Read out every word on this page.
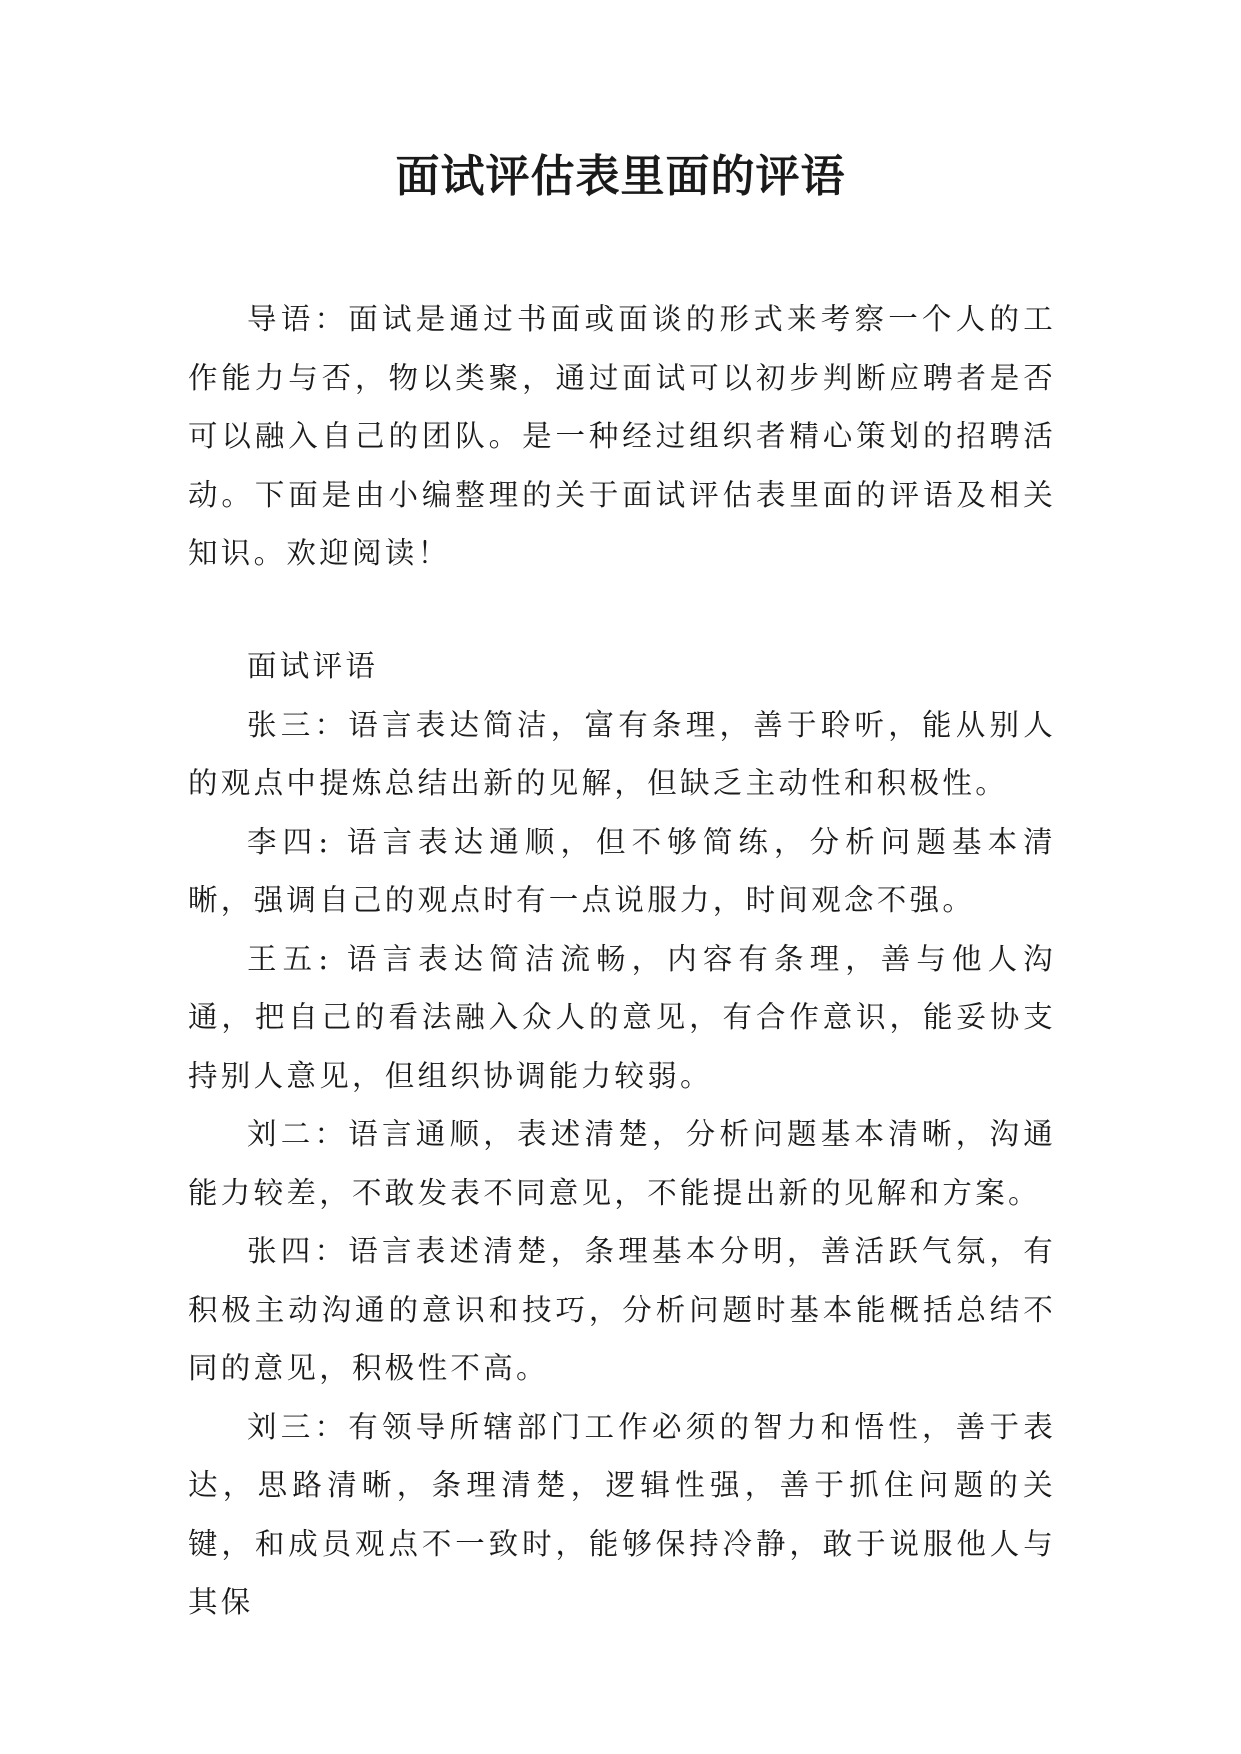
面试评估表里面的评语

导语：面试是通过书面或面谈的形式来考察一个人的工作能力与否，物以类聚，通过面试可以初步判断应聘者是否可以融入自己的团队。是一种经过组织者精心策划的招聘活动。下面是由小编整理的关于面试评估表里面的评语及相关知识。欢迎阅读！

面试评语

张三：语言表达简洁，富有条理，善于聆听，能从别人的观点中提炼总结出新的见解，但缺乏主动性和积极性。

李四: 语言表达通顺，但不够简练，分析问题基本清晰，强调自己的观点时有一点说服力，时间观念不强。

王五: 语言表达简洁流畅，内容有条理，善与他人沟通，把自己的看法融入众人的意见，有合作意识，能妥协支持别人意见，但组织协调能力较弱。

刘二：语言通顺，表述清楚，分析问题基本清晰，沟通能力较差，不敢发表不同意见，不能提出新的见解和方案。

张四：语言表述清楚，条理基本分明，善活跃气氛，有积极主动沟通的意识和技巧，分析问题时基本能概括总结不同的意见，积极性不高。

刘三：有领导所辖部门工作必须的智力和悟性，善于表达，思路清晰，条理清楚，逻辑性强，善于抓住问题的关键，和成员观点不一致时，能够保持冷静，敢于说服他人与其保
